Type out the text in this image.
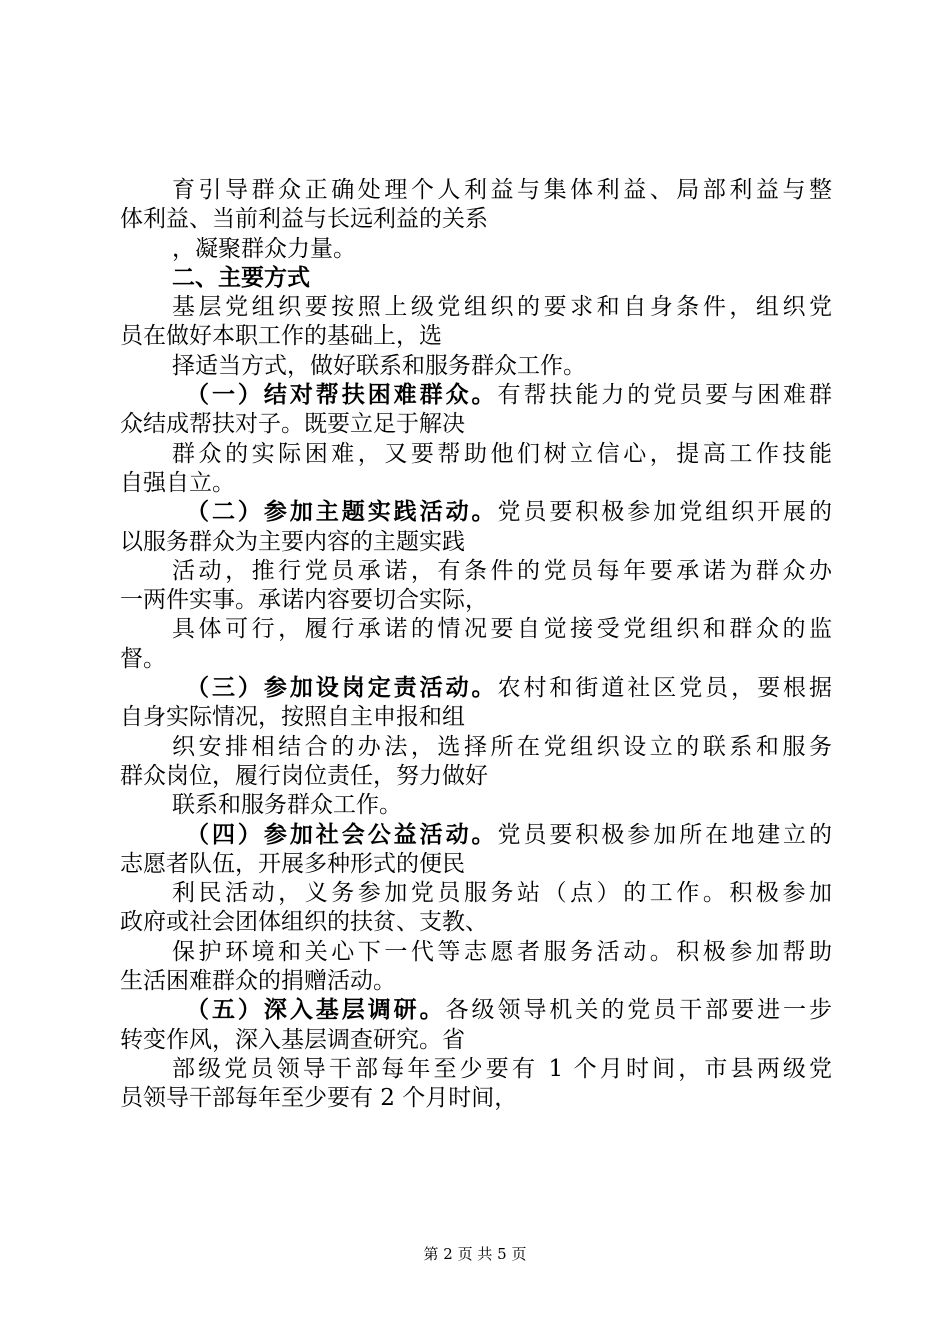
育引导群众正确处理个人利益与集体利益、局部利益与整
体利益、当前利益与长远利益的关系
，凝聚群众力量。
二、主要方式
基层党组织要按照上级党组织的要求和自身条件，组织党
员在做好本职工作的基础上，选
择适当方式，做好联系和服务群众工作。
（一）结对帮扶困难群众。有帮扶能力的党员要与困难群
众结成帮扶对子。既要立足于解决
群众的实际困难，又要帮助他们树立信心，提高工作技能
自强自立。
（二）参加主题实践活动。党员要积极参加党组织开展的
以服务群众为主要内容的主题实践
活动，推行党员承诺，有条件的党员每年要承诺为群众办
一两件实事。承诺内容要切合实际，
具体可行，履行承诺的情况要自觉接受党组织和群众的监
督。
（三）参加设岗定责活动。农村和街道社区党员，要根据
自身实际情况，按照自主申报和组
织安排相结合的办法，选择所在党组织设立的联系和服务
群众岗位，履行岗位责任，努力做好
联系和服务群众工作。
（四）参加社会公益活动。党员要积极参加所在地建立的
志愿者队伍，开展多种形式的便民
利民活动，义务参加党员服务站（点）的工作。积极参加
政府或社会团体组织的扶贫、支教、
保护环境和关心下一代等志愿者服务活动。积极参加帮助
生活困难群众的捐赠活动。
（五）深入基层调研。各级领导机关的党员干部要进一步
转变作风，深入基层调查研究。省
部级党员领导干部每年至少要有 1 个月时间，市县两级党
员领导干部每年至少要有 2 个月时间，
第 2 页 共 5 页
